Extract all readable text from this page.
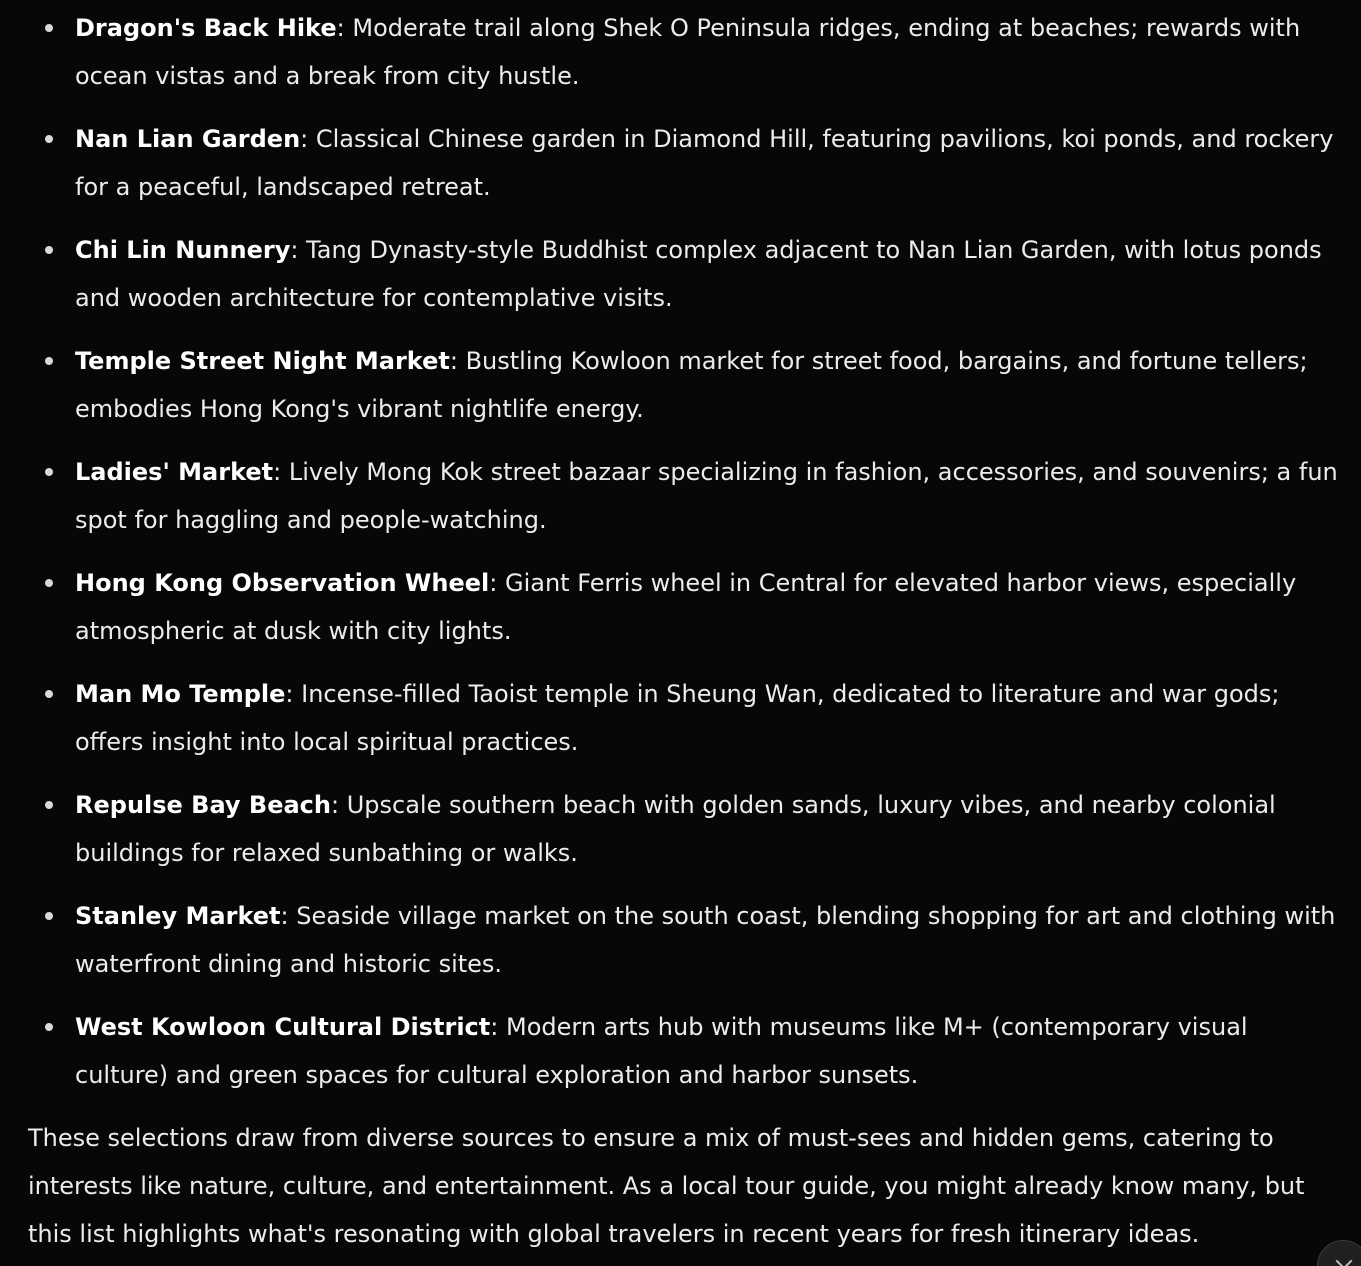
Dragon's Back Hike: Moderate trail along Shek O Peninsula ridges, ending at beaches; rewards with ocean vistas and a break from city hustle.
Nan Lian Garden: Classical Chinese garden in Diamond Hill, featuring pavilions, koi ponds, and rockery for a peaceful, landscaped retreat.
Chi Lin Nunnery: Tang Dynasty-style Buddhist complex adjacent to Nan Lian Garden, with lotus ponds and wooden architecture for contemplative visits.
Temple Street Night Market: Bustling Kowloon market for street food, bargains, and fortune tellers; embodies Hong Kong's vibrant nightlife energy.
Ladies' Market: Lively Mong Kok street bazaar specializing in fashion, accessories, and souvenirs; a fun spot for haggling and people-watching.
Hong Kong Observation Wheel: Giant Ferris wheel in Central for elevated harbor views, especially atmospheric at dusk with city lights.
Man Mo Temple: Incense-filled Taoist temple in Sheung Wan, dedicated to literature and war gods; offers insight into local spiritual practices.
Repulse Bay Beach: Upscale southern beach with golden sands, luxury vibes, and nearby colonial buildings for relaxed sunbathing or walks.
Stanley Market: Seaside village market on the south coast, blending shopping for art and clothing with waterfront dining and historic sites.
West Kowloon Cultural District: Modern arts hub with museums like M+ (contemporary visual culture) and green spaces for cultural exploration and harbor sunsets.

These selections draw from diverse sources to ensure a mix of must-sees and hidden gems, catering to interests like nature, culture, and entertainment. As a local tour guide, you might already know many, but this list highlights what's resonating with global travelers in recent years for fresh itinerary ideas.
